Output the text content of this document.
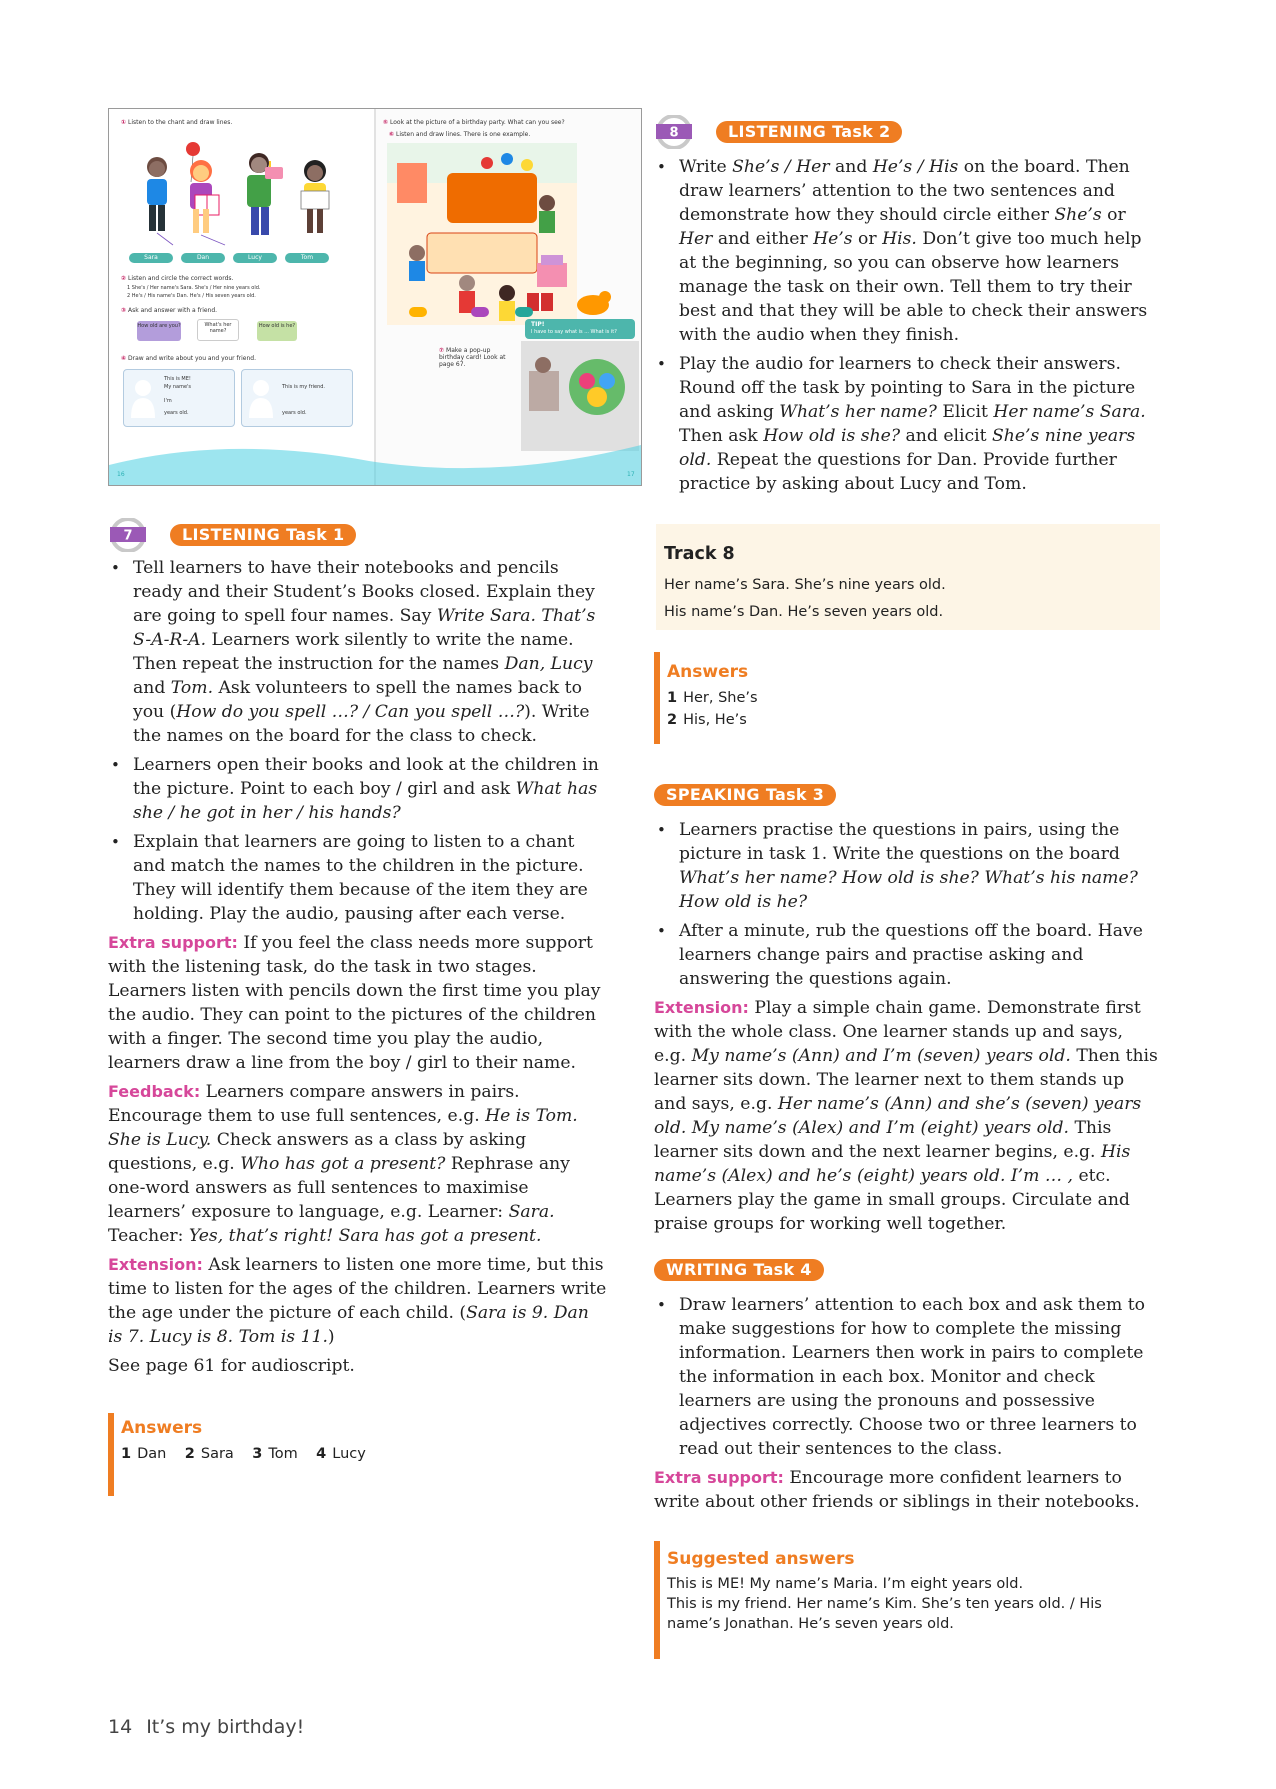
① Listen to the chant and draw lines.
Sara	Dan	Lucy	Tom
② Listen and circle the correct words.
1 She's / Her name's Sara. She's / Her nine years old.
2 He's / His name's Dan. He's / His seven years old.
③ Ask and answer with a friend.
How old are you?	What's her name?
How old is he?
④ Draw and write about you and your friend.
This is ME!
My name's
I'm
years old.
This is my friend.
years old.
⑤ Look at the picture of a birthday party. What can you see?
⑥ Listen and draw lines. There is one example.
TIP!
I have to say what is ... What is it?
⑦ Make a pop-up birthday card! Look at page 67.
7	LISTENING Task 1
• Tell learners to have their notebooks and pencils ready and their Student’s Books closed. Explain they are going to spell four names. Say Write Sara. That’s S-A-R-A. Learners work silently to write the name. Then repeat the instruction for the names Dan, Lucy and Tom. Ask volunteers to spell the names back to you (How do you spell …? / Can you spell …?). Write the names on the board for the class to check.
• Learners open their books and look at the children in the picture. Point to each boy / girl and ask What has she / he got in her / his hands?
• Explain that learners are going to listen to a chant and match the names to the children in the picture. They will identify them because of the item they are holding. Play the audio, pausing after each verse.

Extra support: If you feel the class needs more support with the listening task, do the task in two stages. Learners listen with pencils down the first time you play the audio. They can point to the pictures of the children with a finger. The second time you play the audio, learners draw a line from the boy / girl to their name.

Feedback: Learners compare answers in pairs. Encourage them to use full sentences, e.g. He is Tom. She is Lucy. Check answers as a class by asking questions, e.g. Who has got a present? Rephrase any one-word answers as full sentences to maximise learners’ exposure to language, e.g. Learner: Sara. Teacher: Yes, that’s right! Sara has got a present.

Extension: Ask learners to listen one more time, but this time to listen for the ages of the children. Learners write the age under the picture of each child. (Sara is 9. Dan is 7. Lucy is 8. Tom is 11.)

See page 61 for audioscript.

Answers
1 Dan 2 Sara 3 Tom 4 Lucy
8	LISTENING Task 2
• Write She’s / Her and He’s / His on the board. Then draw learners’ attention to the two sentences and demonstrate how they should circle either She’s or Her and either He’s or His. Don’t give too much help at the beginning, so you can observe how learners manage the task on their own. Tell them to try their best and that they will be able to check their answers with the audio when they finish.
• Play the audio for learners to check their answers. Round off the task by pointing to Sara in the picture and asking What’s her name? Elicit Her name’s Sara. Then ask How old is she? and elicit She’s nine years old. Repeat the questions for Dan. Provide further practice by asking about Lucy and Tom.
Track 8
Her name’s Sara. She’s nine years old.
His name’s Dan. He’s seven years old.
Answers
1 Her, She’s
2 His, He’s
SPEAKING Task 3
• Learners practise the questions in pairs, using the picture in task 1. Write the questions on the board What’s her name? How old is she? What’s his name? How old is he?
• After a minute, rub the questions off the board. Have learners change pairs and practise asking and answering the questions again.

Extension: Play a simple chain game. Demonstrate first with the whole class. One learner stands up and says, e.g. My name’s (Ann) and I’m (seven) years old. Then this learner sits down. The learner next to them stands up and says, e.g. Her name’s (Ann) and she’s (seven) years old. My name’s (Alex) and I’m (eight) years old. This learner sits down and the next learner begins, e.g. His name’s (Alex) and he’s (eight) years old. I’m … , etc. Learners play the game in small groups. Circulate and praise groups for working well together.

WRITING Task 4
• Draw learners’ attention to each box and ask them to make suggestions for how to complete the missing information. Learners then work in pairs to complete the information in each box. Monitor and check learners are using the pronouns and possessive adjectives correctly. Choose two or three learners to read out their sentences to the class.

Extra support: Encourage more confident learners to write about other friends or siblings in their notebooks.

Suggested answers
This is ME! My name’s Maria. I’m eight years old.
This is my friend. Her name’s Kim. She’s ten years old. / His
name’s Jonathan. He’s seven years old.
14 It’s my birthday!
